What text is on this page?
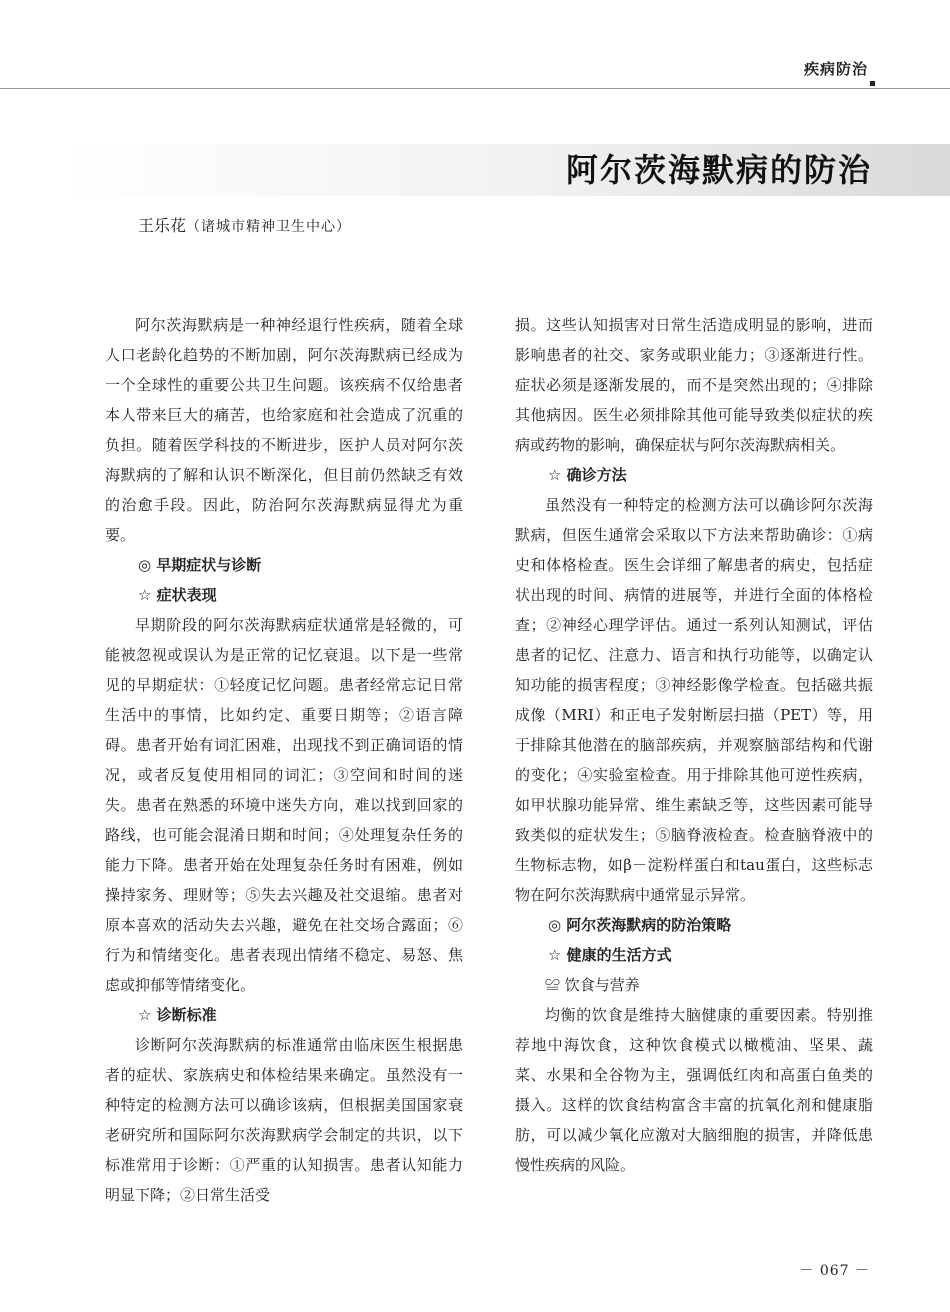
疾病防治
阿尔茨海默病的防治
王乐花（诸城市精神卫生中心）

阿尔茨海默病是一种神经退行性疾病，随着全球人口老龄化趋势的不断加剧，阿尔茨海默病已经成为一个全球性的重要公共卫生问题。该疾病不仅给患者本人带来巨大的痛苦，也给家庭和社会造成了沉重的负担。随着医学科技的不断进步，医护人员对阿尔茨海默病的了解和认识不断深化，但目前仍然缺乏有效的治愈手段。因此，防治阿尔茨海默病显得尤为重要。

◎ 早期症状与诊断
☆ 症状表现

早期阶段的阿尔茨海默病症状通常是轻微的，可能被忽视或误认为是正常的记忆衰退。以下是一些常见的早期症状：①轻度记忆问题。患者经常忘记日常生活中的事情，比如约定、重要日期等；②语言障碍。患者开始有词汇困难，出现找不到正确词语的情况，或者反复使用相同的词汇；③空间和时间的迷失。患者在熟悉的环境中迷失方向，难以找到回家的路线，也可能会混淆日期和时间；④处理复杂任务的能力下降。患者开始在处理复杂任务时有困难，例如操持家务、理财等；⑤失去兴趣及社交退缩。患者对原本喜欢的活动失去兴趣，避免在社交场合露面；⑥行为和情绪变化。患者表现出情绪不稳定、易怒、焦虑或抑郁等情绪变化。

☆ 诊断标准

诊断阿尔茨海默病的标准通常由临床医生根据患者的症状、家族病史和体检结果来确定。虽然没有一种特定的检测方法可以确诊该病，但根据美国国家衰老研究所和国际阿尔茨海默病学会制定的共识，以下标准常用于诊断：①严重的认知损害。患者认知能力明显下降；②日常生活受

损。这些认知损害对日常生活造成明显的影响，进而影响患者的社交、家务或职业能力；③逐渐进行性。症状必须是逐渐发展的，而不是突然出现的；④排除其他病因。医生必须排除其他可能导致类似症状的疾病或药物的影响，确保症状与阿尔茨海默病相关。

☆ 确诊方法

虽然没有一种特定的检测方法可以确诊阿尔茨海默病，但医生通常会采取以下方法来帮助确诊：①病史和体格检查。医生会详细了解患者的病史，包括症状出现的时间、病情的进展等，并进行全面的体格检查；②神经心理学评估。通过一系列认知测试，评估患者的记忆、注意力、语言和执行功能等，以确定认知功能的损害程度；③神经影像学检查。包括磁共振成像（MRI）和正电子发射断层扫描（PET）等，用于排除其他潜在的脑部疾病，并观察脑部结构和代谢的变化；④实验室检查。用于排除其他可逆性疾病，如甲状腺功能异常、维生素缺乏等，这些因素可能导致类似的症状发生；⑤脑脊液检查。检查脑脊液中的生物标志物，如β－淀粉样蛋白和tau蛋白，这些标志物在阿尔茨海默病中通常显示异常。

◎ 阿尔茨海默病的防治策略
☆ 健康的生活方式
≌ 饮食与营养

均衡的饮食是维持大脑健康的重要因素。特别推荐地中海饮食，这种饮食模式以橄榄油、坚果、蔬菜、水果和全谷物为主，强调低红肉和高蛋白鱼类的摄入。这样的饮食结构富含丰富的抗氧化剂和健康脂肪，可以减少氧化应激对大脑细胞的损害，并降低患慢性疾病的风险。

－ 067 －
